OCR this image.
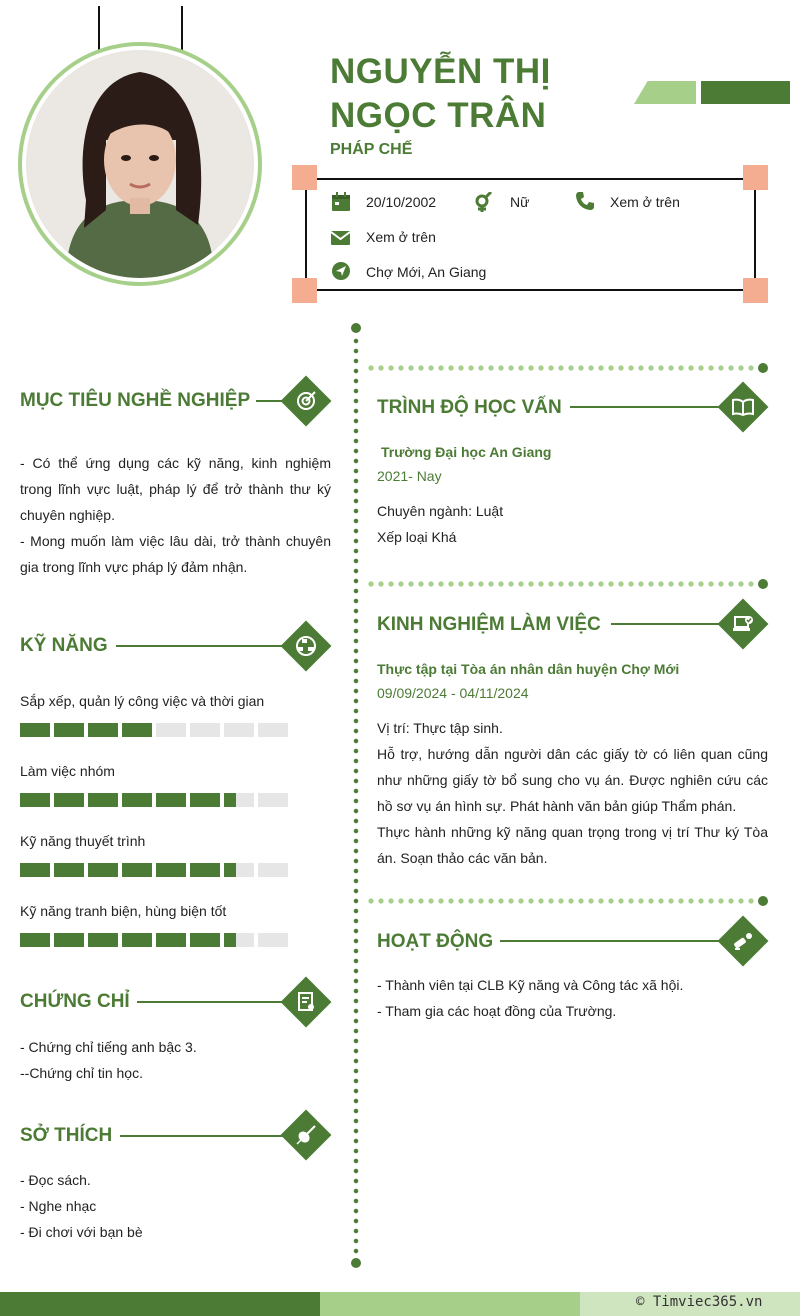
NGUYỄN THỊ
NGỌC TRÂN
PHÁP CHẾ
20/10/2002	Nữ	Xem ở trên
Xem ở trên
Chợ Mới, An Giang
MỤC TIÊU NGHỀ NGHIỆP
- Có thể ứng dụng các kỹ năng, kinh nghiệm trong lĩnh vực luật, pháp lý để trở thành thư ký chuyên nghiệp.
- Mong muốn làm việc lâu dài, trở thành chuyên gia trong lĩnh vực pháp lý đảm nhận.
KỸ NĂNG
Sắp xếp, quản lý công việc và thời gian
Làm việc nhóm
Kỹ năng thuyết trình
Kỹ năng tranh biện, hùng biện tốt
CHỨNG CHỈ
- Chứng chỉ tiếng anh bậc 3.
--Chứng chỉ tin học.
SỞ THÍCH
- Đọc sách.
- Nghe nhạc
- Đi chơi với bạn bè
TRÌNH ĐỘ HỌC VẤN
Trường Đại học An Giang
2021- Nay
Chuyên ngành: Luật
Xếp loại Khá
KINH NGHIỆM LÀM VIỆC
Thực tập tại Tòa án nhân dân huyện Chợ Mới
09/09/2024 - 04/11/2024
Vị trí: Thực tập sinh.
Hỗ trợ, hướng dẫn người dân các giấy tờ có liên quan cũng như những giấy tờ bổ sung cho vụ án. Được nghiên cứu các hồ sơ vụ án hình sự. Phát hành văn bản giúp Thẩm phán.
Thực hành những kỹ năng quan trọng trong vị trí Thư ký Tòa án. Soạn thảo các văn bản.
HOẠT ĐỘNG
- Thành viên tại CLB Kỹ năng và Công tác xã hội.
- Tham gia các hoạt đồng của Trường.
© Timviec365.vn
